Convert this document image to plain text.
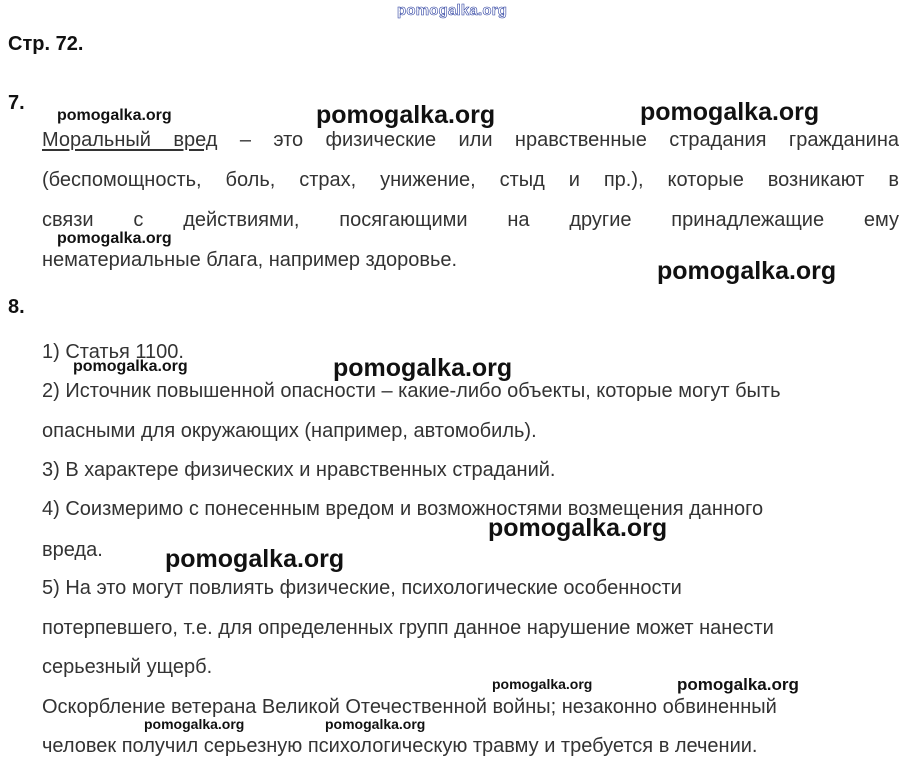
pomogalka.org
Стр. 72.
7.
Моральный вред – это физические или нравственные страдания гражданина
(беспомощность, боль, страх, унижение, стыд и пр.), которые возникают в
связи с действиями, посягающими на другие принадлежащие ему
нематериальные блага, например здоровье.
8.
1) Статья 1100.
2) Источник повышенной опасности – какие-либо объекты, которые могут быть
опасными для окружающих (например, автомобиль).
3) В характере физических и нравственных страданий.
4) Соизмеримо с понесенным вредом и возможностями возмещения данного
вреда.
5) На это могут повлиять физические, психологические особенности
потерпевшего, т.е. для определенных групп данное нарушение может нанести
серьезный ущерб.
Оскорбление ветерана Великой Отечественной войны; незаконно обвиненный
человек получил серьезную психологическую травму и требуется в лечении.
pomogalka.org	pomogalka.org	pomogalka.org
pomogalka.org
pomogalka.org
pomogalka.org
pomogalka.org
pomogalka.org
pomogalka.org
pomogalka.org	pomogalka.org
pomogalka.org	pomogalka.org
